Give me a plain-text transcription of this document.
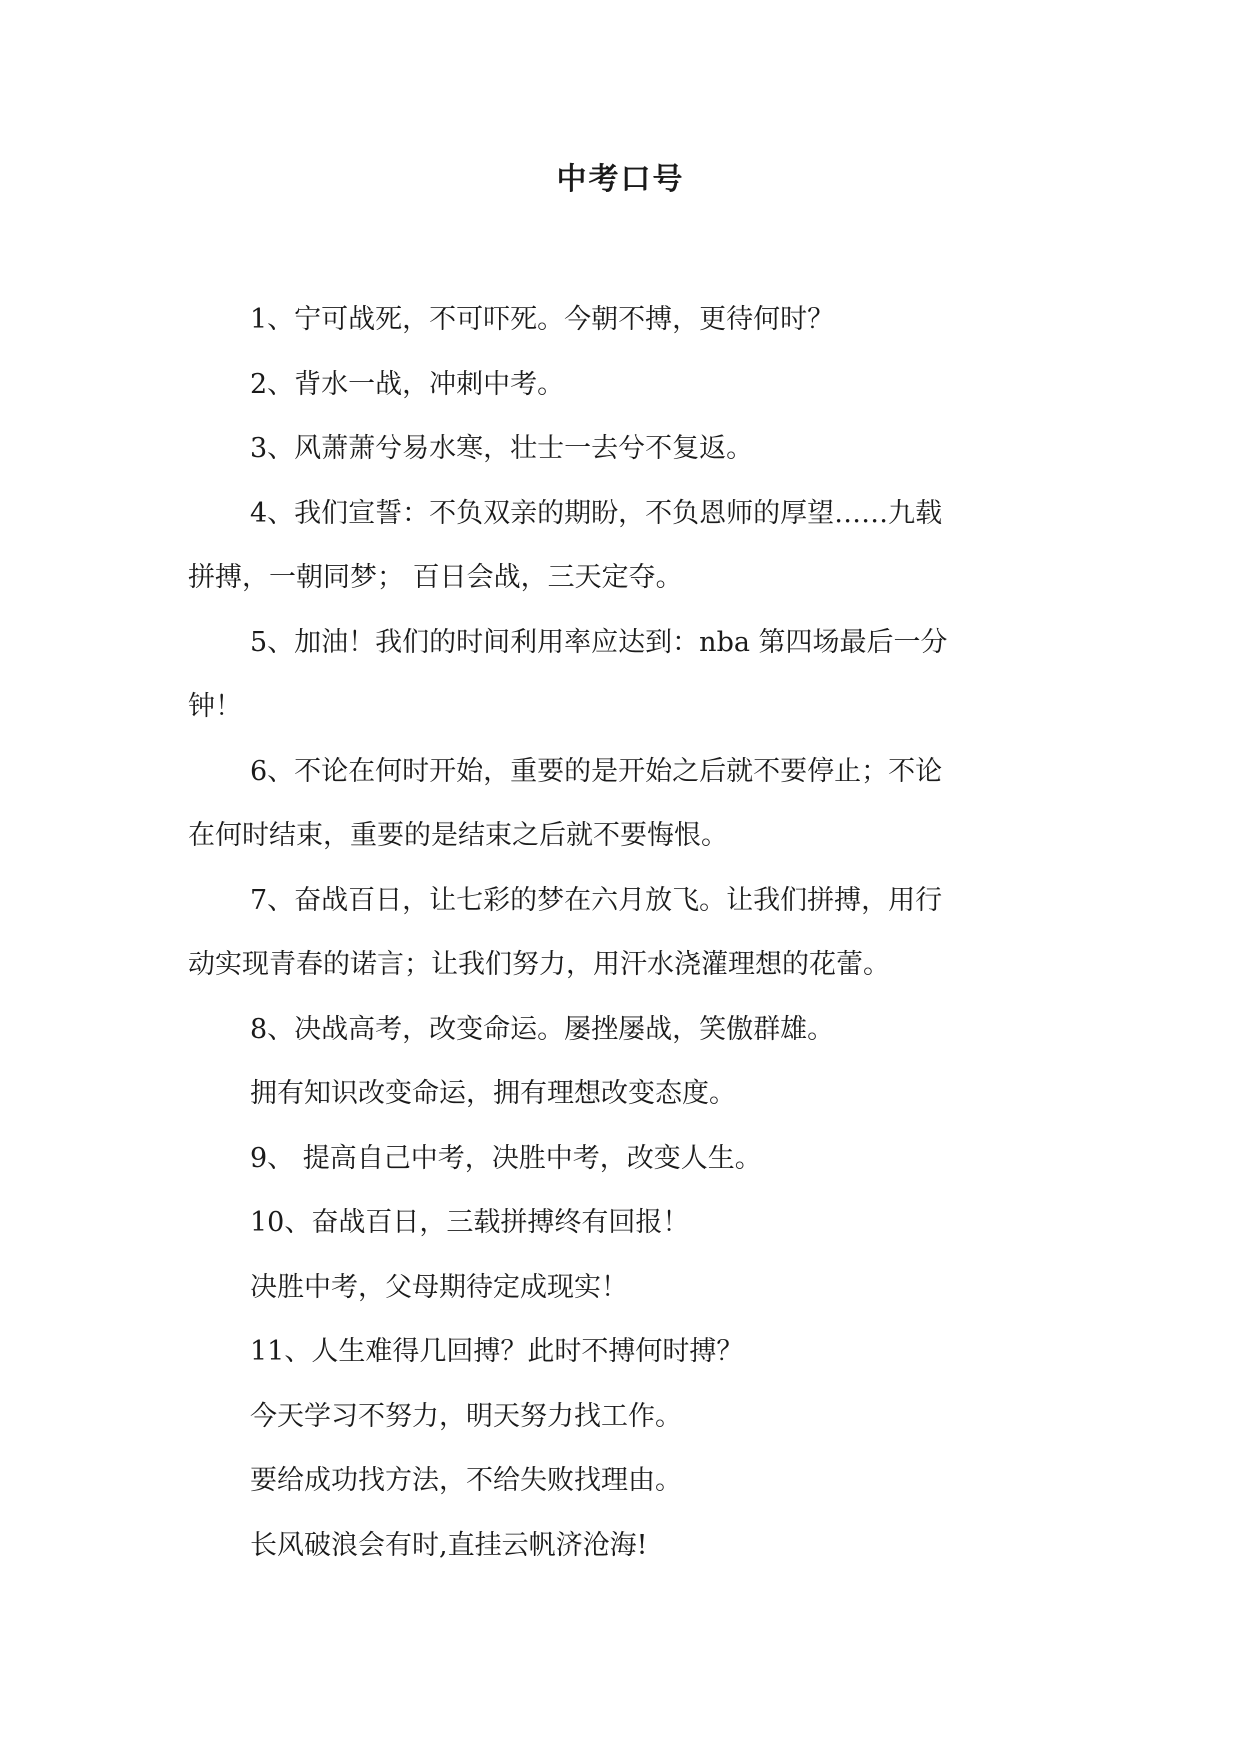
中考口号

1、宁可战死，不可吓死。今朝不搏，更待何时？

2、背水一战，冲刺中考。

3、风萧萧兮易水寒，壮士一去兮不复返。

4、我们宣誓：不负双亲的期盼，不负恩师的厚望……九载
拼搏，一朝同梦； 百日会战，三天定夺。

5、加油！我们的时间利用率应达到：nba 第四场最后一分
钟！

6、不论在何时开始，重要的是开始之后就不要停止；不论
在何时结束，重要的是结束之后就不要悔恨。

7、奋战百日，让七彩的梦在六月放飞。让我们拼搏，用行
动实现青春的诺言；让我们努力，用汗水浇灌理想的花蕾。

8、决战高考，改变命运。屡挫屡战，笑傲群雄。

拥有知识改变命运，拥有理想改变态度。

9、 提高自己中考，决胜中考，改变人生。

10、奋战百日，三载拼搏终有回报！

决胜中考，父母期待定成现实！

11、人生难得几回搏？此时不搏何时搏？

今天学习不努力，明天努力找工作。

要给成功找方法，不给失败找理由。

长风破浪会有时,直挂云帆济沧海!
